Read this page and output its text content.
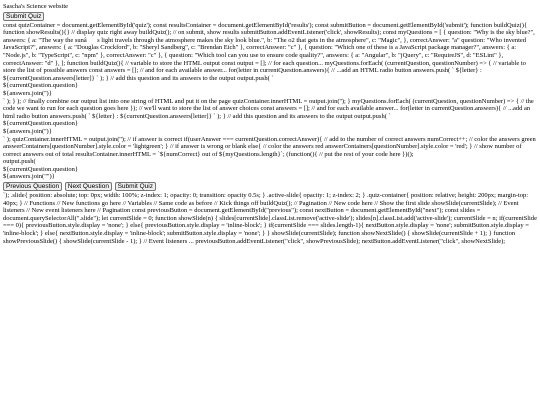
Sascha's Science website
Submit Quiz
const quizContainer = document.getElementById('quiz'); const resultsContainer = document.getElementById('results'); const submitButton = document.getElementById('submit'); function buildQuiz(){ function showResults(){} // display quiz right away buildQuiz(); // on submit, show results submitButton.addEventListener('click', showResults); const myQuestions = [ { question: "Why is the sky blue?", answers: { a: "The way the sunâs light travels through the atmosphere makes the sky look blue.", b: "The o2 that gets in the atmosphere", c: "Magic", }, correctAnswer: "a" question: "Who invented JavaScript?", answers: { a: "Douglas Crockford", b: "Sheryl Sandberg", c: "Brendan Eich" }, correctAnswer: "c" }, { question: "Which one of these is a JavaScript package manager?", answers: { a: "Node.js", b: "TypeScript", c: "npm" }, correctAnswer: "c" }, { question: "Which tool can you use to ensure code quality?", answers: { a: "Angular", b: "jQuery", c: "RequireJS", d: "ESLint" }, correctAnswer: "d" }, ]; function buildQuiz(){ // variable to store the HTML output const output = []; // for each question... myQuestions.forEach( (currentQuestion, questionNumber) => { // variable to store the list of possible answers const answers = []; // and for each available answer... for(letter in currentQuestion.answers){ // ...add an HTML radio button answers.push( ` ${letter} : ${currentQuestion.answers[letter]} ` ); } // add this question and its answers to the output output.push( `
${currentQuestion.question}
${answers.join('')}
` ); } ); // finally combine our output list into one string of HTML and put it on the page quizContainer.innerHTML = output.join(''); } myQuestions.forEach( (currentQuestion, questionNumber) => { // the code we want to run for each question goes here }); // we'll want to store the list of answer choices const answers = []; // and for each available answer... for(letter in currentQuestion.answers){ // ...add an html radio button answers.push( ` ${letter} : ${currentQuestion.answers[letter]} ` ); } // add this question and its answers to the output output.push( `
${currentQuestion.question}
${answers.join('')}
` ); quizContainer.innerHTML = output.join(''); // if answer is correct if(userAnswer === currentQuestion.correctAnswer){ // add to the number of correct answers numCorrect++; // color the answers green answerContainers[questionNumber].style.color = 'lightgreen'; } // if answer is wrong or blank else{ // color the answers red answerContainers[questionNumber].style.color = 'red'; } // show number of correct answers out of total resultsContainer.innerHTML = `${numCorrect} out of ${myQuestions.length}`; (function(){ // put the rest of your code here })();
output.push(
${currentQuestion.question}
${answers.join("")}
Previous Question Next Question Submit Quiz
`); .slide{ position: absolute; top: 0px; width: 100%; z-index: 1; opacity: 0; transition: opacity 0.5s; } .active-slide{ opacity: 1; z-index: 2; } .quiz-container{ position: relative; height: 200px; margin-top: 40px; } // Functions // New functions go here // Variables // Same code as before // Kick things off buildQuiz(); // Pagination // New code here // Show the first slide showSlide(currentSlide); // Event listeners // New event listeners here // Pagination const previousButton = document.getElementById("previous"); const nextButton = document.getElementById("next"); const slides = document.querySelectorAll(".slide"); let currentSlide = 0; function showSlide(n) { slides[currentSlide].classList.remove('active-slide'); slides[n].classList.add('active-slide'); currentSlide = n; if(currentSlide === 0){ previousButton.style.display = 'none'; } else{ previousButton.style.display = 'inline-block'; } if(currentSlide === slides.length-1){ nextButton.style.display = 'none'; submitButton.style.display = 'inline-block'; } else{ nextButton.style.display = 'inline-block'; submitButton.style.display = 'none'; } } showSlide(currentSlide); function showNextSlide() { showSlide(currentSlide + 1); } function showPreviousSlide() { showSlide(currentSlide - 1); } // Event listeners ... previousButton.addEventListener("click", showPreviousSlide); nextButton.addEventListener("click", showNextSlide);
